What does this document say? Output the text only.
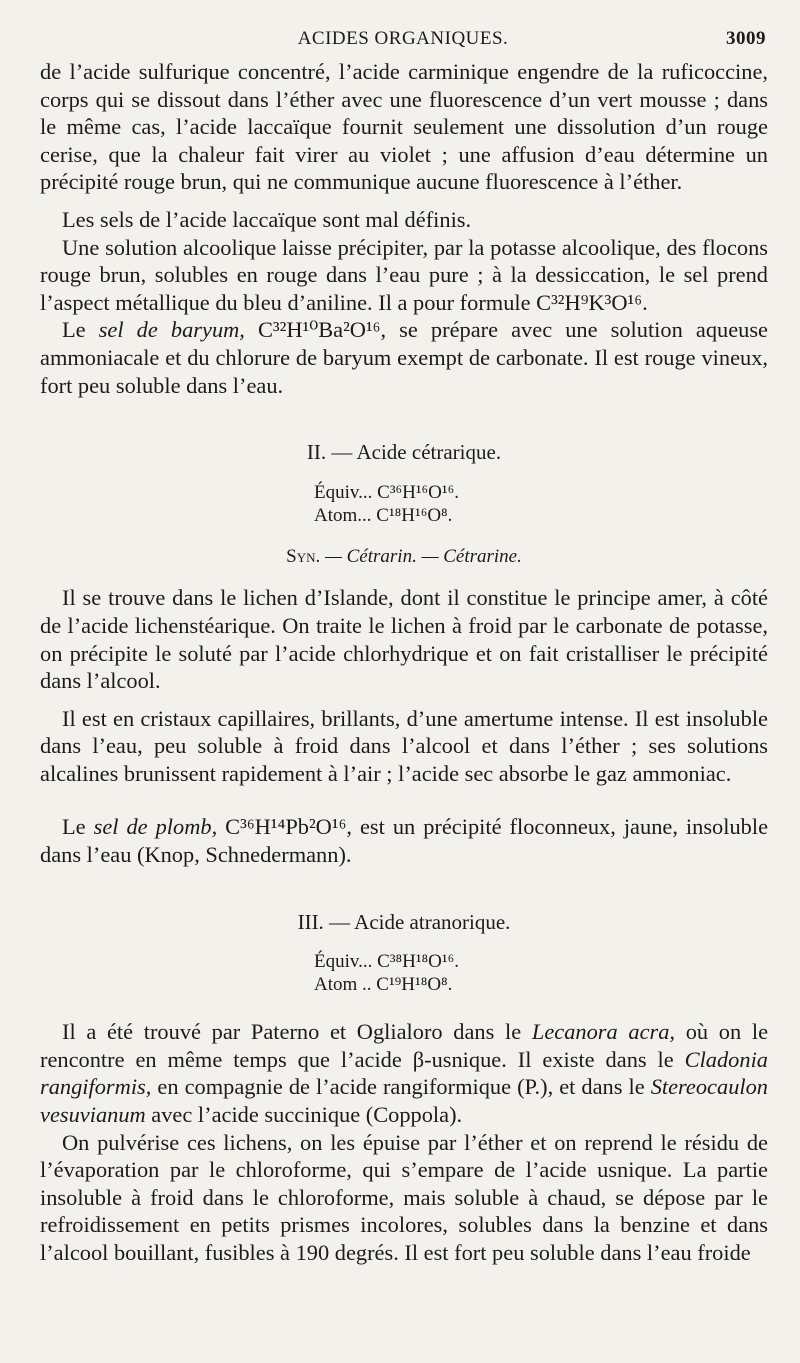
ACIDES ORGANIQUES.	3009

de l’acide sulfurique concentré, l’acide carminique engendre de la ruficoccine, corps qui se dissout dans l’éther avec une fluorescence d’un vert mousse ; dans le même cas, l’acide laccaïque fournit seulement une dissolution d’un rouge cerise, que la chaleur fait virer au violet ; une affusion d’eau détermine un précipité rouge brun, qui ne communique aucune fluorescence à l’éther.

Les sels de l’acide laccaïque sont mal définis.

Une solution alcoolique laisse précipiter, par la potasse alcoolique, des flocons rouge brun, solubles en rouge dans l’eau pure ; à la dessiccation, le sel prend l’aspect métallique du bleu d’aniline. Il a pour formule C³²H⁹K³O¹⁶.

Le sel de baryum, C³²H¹⁰Ba²O¹⁶, se prépare avec une solution aqueuse ammoniacale et du chlorure de baryum exempt de carbonate. Il est rouge vineux, fort peu soluble dans l’eau.

II. — Acide cétrarique.
Équiv... C³⁶H¹⁶O¹⁶.
Atom... C¹⁸H¹⁶O⁸.
Syn. — Cétrarin. — Cétrarine.

Il se trouve dans le lichen d’Islande, dont il constitue le principe amer, à côté de l’acide lichenstéarique. On traite le lichen à froid par le carbonate de potasse, on précipite le soluté par l’acide chlorhydrique et on fait cristalliser le précipité dans l’alcool.

Il est en cristaux capillaires, brillants, d’une amertume intense. Il est insoluble dans l’eau, peu soluble à froid dans l’alcool et dans l’éther ; ses solutions alcalines brunissent rapidement à l’air ; l’acide sec absorbe le gaz ammoniac.

Le sel de plomb, C³⁶H¹⁴Pb²O¹⁶, est un précipité floconneux, jaune, insoluble dans l’eau (Knop, Schnedermann).

III. — Acide atranorique.
Équiv... C³⁸H¹⁸O¹⁶.
Atom .. C¹⁹H¹⁸O⁸.

Il a été trouvé par Paterno et Oglialoro dans le Lecanora acra, où on le rencontre en même temps que l’acide β-usnique. Il existe dans le Cladonia rangiformis, en compagnie de l’acide rangiformique (P.), et dans le Stereocaulon vesuvianum avec l’acide succinique (Coppola).

On pulvérise ces lichens, on les épuise par l’éther et on reprend le résidu de l’évaporation par le chloroforme, qui s’empare de l’acide usnique. La partie insoluble à froid dans le chloroforme, mais soluble à chaud, se dépose par le refroidissement en petits prismes incolores, solubles dans la benzine et dans l’alcool bouillant, fusibles à 190 degrés. Il est fort peu soluble dans l’eau froide
